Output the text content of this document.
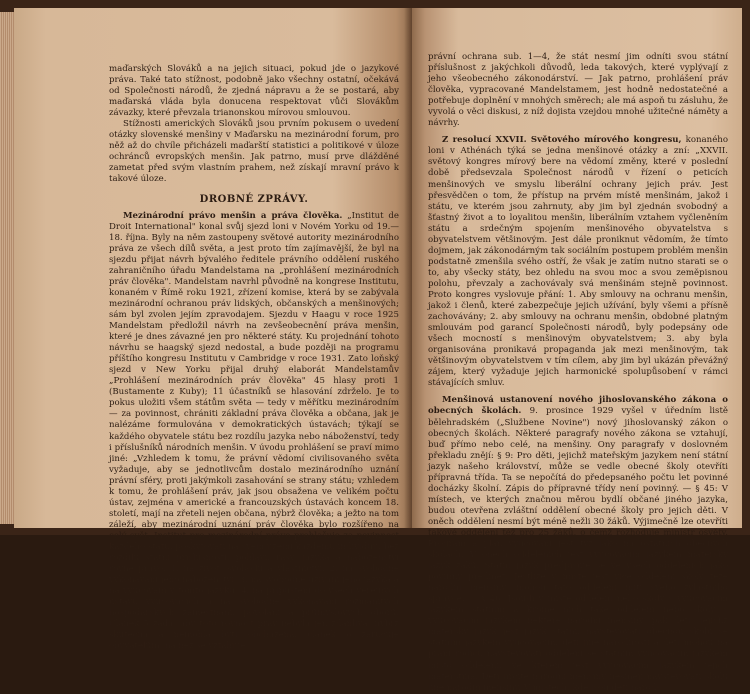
maďarských Slováků a na jejich situaci, pokud jde o jazykové práva. Také tato stížnost, podobně jako všechny ostatní, očekává od Společnosti národů, že zjedná nápravu a že se postará, aby maďarská vláda byla donucena respektovat vůči Slovákům závazky, které převzala trianonskou mírovou smlouvou.

Stížnosti amerických Slováků jsou prvním pokusem o uvedení otázky slovenské menšiny v Maďarsku na mezinárodní forum, pro něž až do chvíle přicházeli maďarští statistici a politikové v úloze ochránců evropských menšin. Jak patrno, musí prve dlážděné zametat před svým vlastním prahem, než získají mravní právo k takové úloze.

DROBNÉ ZPRÁVY.

Mezinárodní právo menšin a práva člověka. „Institut de Droit International" konal svůj sjezd loni v Novém Yorku od 19.—18. října. Byly na něm zastoupeny světové autority mezinárodního práva ze všech dílů světa, a jest proto tím zajímavější, že byl na sjezdu přijat návrh bývalého ředitele právního oddělení ruského zahraničního úřadu Mandelstama na „prohlášení mezinárodních práv člověka". Mandelstam navrhl původně na kongrese Institutu, konaném v Římě roku 1921, zřízení komise, která by se zabývala mezinárodní ochranou práv lidských, občanských a menšinových; sám byl zvolen jejím zpravodajem. Sjezdu v Haagu v roce 1925 Mandelstam předložil návrh na zevšeobecnění práva menšin, které je dnes závazné jen pro některé státy. Ku projednání tohoto návrhu se haagský sjezd nedostal, a bude později na programu příštího kongresu Institutu v Cambridge v roce 1931. Zato loňský sjezd v New Yorku přijal druhý elaborát Mandelstamův „Prohlášení mezinárodních práv člověka" 45 hlasy proti 1 (Bustamente z Kuby); 11 účastníků se hlasování zdrželo. Je to pokus uložiti všem státům světa — tedy v měřítku mezinárodním — za povinnost, chrániti základní práva člověka a občana, jak je nalézáme formulována v demokratických ústavách; týkají se každého obyvatele státu bez rozdílu jazyka nebo náboženství, tedy i příslušníků národních menšin. V úvodu prohlášení se praví mimo jiné: „Vzhledem k tomu, že právní vědomí civilisovaného světa vyžaduje, aby se jednotlivcům dostalo mezinárodního uznání právní sféry, proti jakýmkoli zasahování se strany státu; vzhledem k tomu, že prohlášení práv, jak jsou obsažena ve velikém počtu ústav, zejména v americké a francouzských ústavách koncem 18. století, mají na zřeteli nejen občana, nýbrž člověka; a ježto na tom záleží, aby mezinárodní uznání práv člověka bylo rozšířeno na celý svět, Institut pro mezinárodní právo prohlašuje za povinnost každého státu, poskytovati na svém území každému individuu, bez rozdílu státní příslušnosti, pohlaví, rasy, jazyka a náboženství rovné právo: 1. na život, svobodu a vlastnictví, 2. na svobodné vykonávání jeho náboženství, 3. na svobodné užívání jeho jazyka a na vyučování v tomto jazyku, 4. na připuštění do všech veřejných ústavů vyučovacích a na svobodné vykonávání rozmanitých hospodářských zaměstnání, povolání a průmyslových oborů. Článek 5 žádá, aby toto rovnost práv nebyla jen zdánlivá, nýbrž skutečná a nemohla býti obcházena, článek 6 zaručuje obyvatelům, na něž se vztahuje

právní ochrana sub. 1—4, že stát nesmí jim odníti svou státní příslušnost z jakýchkoli důvodů, leda takových, které vyplývají z jeho všeobecného zákonodárství. — Jak patrno, prohlášení práv člověka, vypracované Mandelstamem, jest hodně nedostatečné a potřebuje doplnění v mnohých směrech; ale má aspoň tu zásluhu, že vyvolá o věci diskusi, z níž dojista vzejdou mnohé užitečné náměty a návrhy.

Z resolucí XXVII. Světového mírového kongresu, konaného loni v Athénách týká se jedna menšinové otázky a zní: „XXVII. světový kongres mírový bere na vědomí změny, které v poslední době předsevzala Společnost národů v řízení o peticích menšinových ve smyslu liberální ochrany jejich práv. Jest přesvědčen o tom, že přístup na prvém místě menšinám, jakož i státu, ve kterém jsou zahrnuty, aby jim byl zjednán svobodný a šťastný život a to loyalitou menšin, liberálním vztahem vyčleněním státu a srdečným spojením menšinového obyvatelstva s obyvatelstvem většinovým. Jest dále proniknut vědomím, že tímto dojmem, jak zákonodárným tak sociálním postupem problém menšin podstatně zmenšila svého ostří, že však je zatím nutno starati se o to, aby všecky státy, bez ohledu na svou moc a svou zeměpisnou polohu, převzaly a zachovávaly svá menšinám stejně povinnost. Proto kongres vyslovuje přání: 1. Aby smlouvy na ochranu menšin, jakož i členů, které zabezpečuje jejich užívání, byly všemi a přísně zachovávány; 2. aby smlouvy na ochranu menšin, obdobné platným smlouvám pod garancí Společnosti národů, byly podepsány ode všech mocností s menšinovým obyvatelstvem; 3. aby byla organisována pronikavá propaganda jak mezi menšinovým, tak většinovým obyvatelstvem v tím cílem, aby jim byl ukázán převážný zájem, který vyžaduje jejich harmonické spolupůsobení v rámci stávajících smluv.

Menšinová ustanovení nového jihoslovanského zákona o obecných školách. 9. prosince 1929 vyšel v úředním listě bělehradském („Službene Novine") nový jihoslovanský zákon o obecných školách. Některé paragrafy nového zákona se vztahují, buď přímo nebo celé, na menšiny. Ony paragrafy v doslovném překladu znějí: § 9: Pro děti, jejichž mateřským jazykem není státní jazyk našeho království, může se vedle obecné školy otevříti přípravná třída. Ta se nepočítá do předepsaného počtu let povinné docházky školní. Zápis do přípravné třídy není povinný. — § 45: V místech, ve kterých značnou měrou bydlí občané jiného jazyka, budou otevřena zvláštní oddělení obecné školy pro jejich děti. V oněch oddělení nesmí být méně nežli 30 žáků. Výjimečně lze otevříti takové oddělení též pro 25 žáků, o čemž rozhoduje ministr osvěty. Program a plán vyučování jest týž jako na ostatních obecných školách. V oněch odděleních jest vyučovacím jazykem mateřský jazyk žáků. Státní jazyk předpisuje se ve všech odděleních jako povinný předmět. Jestliže v místě jest více oddělení školy téže národní menšiny, mohou tato oddělení míti svého zvláštního správce. — § 46: Jsou-li v místě oddělení nebo školy s vyučovacím jazykem státním a kromě nich také oddělení nebo školy s vyučovacím jazykem některé národní menšiny, pak děti, jejichž mateřský jazyk jest jazyk státní, navštěvovati obecnou školu se státním jazykem vyučovacím; děti jiné národnosti a děti mohou na přání rodičů navštěvovati oddělení se státním vyučovacím jazykem místo oddělení, ve kterém jest vyučovacím jazykem jejich mateřština. Děti určité národní menšiny nesmějí navštěvovati školu jiné národní menšiny. V místech, kde jsou děti národ-
